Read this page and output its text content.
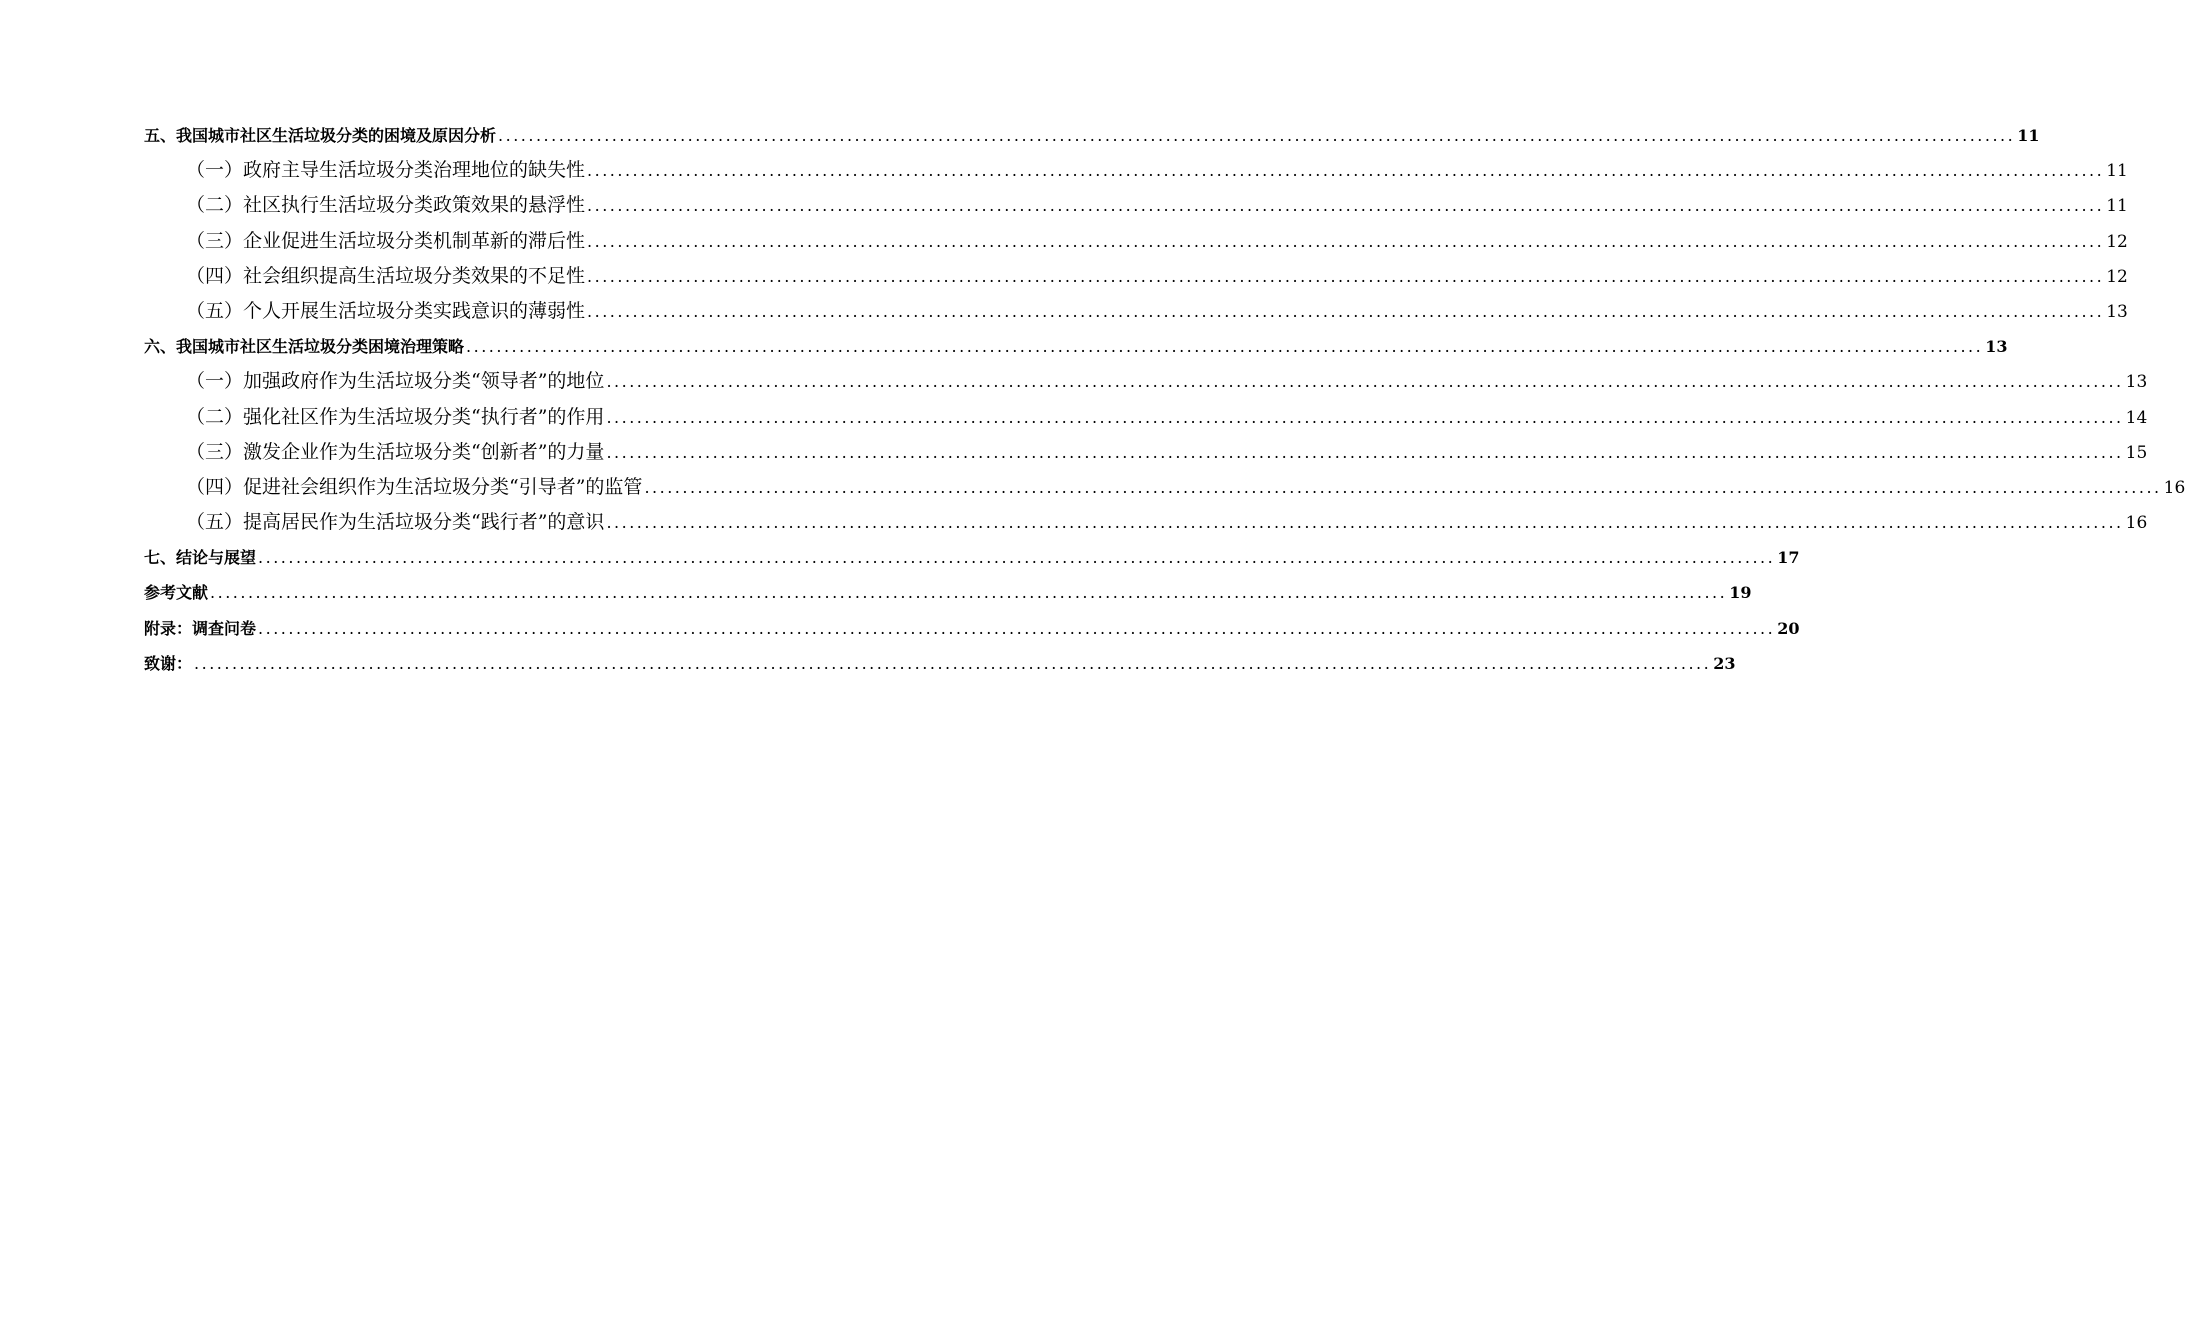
五、我国城市社区生活垃圾分类的困境及原因分析 ........................................................................................................................................................................................................ 11
（一）政府主导生活垃圾分类治理地位的缺失性 ........................................................................................................................................................................................................ 11
（二）社区执行生活垃圾分类政策效果的悬浮性 ........................................................................................................................................................................................................ 11
（三）企业促进生活垃圾分类机制革新的滞后性 ........................................................................................................................................................................................................ 12
（四）社会组织提高生活垃圾分类效果的不足性 ........................................................................................................................................................................................................ 12
（五）个人开展生活垃圾分类实践意识的薄弱性 ........................................................................................................................................................................................................ 13
六、我国城市社区生活垃圾分类困境治理策略 ........................................................................................................................................................................................................ 13
（一）加强政府作为生活垃圾分类“领导者”的地位 ........................................................................................................................................................................................................ 13
（二）强化社区作为生活垃圾分类“执行者”的作用 ........................................................................................................................................................................................................ 14
（三）激发企业作为生活垃圾分类“创新者”的力量 ........................................................................................................................................................................................................ 15
（四）促进社会组织作为生活垃圾分类“引导者”的监管 ........................................................................................................................................................................................................ 16
（五）提高居民作为生活垃圾分类“践行者”的意识 ........................................................................................................................................................................................................ 16
七、结论与展望 ........................................................................................................................................................................................................ 17
参考文献 ........................................................................................................................................................................................................ 19
附录：调查问卷 ........................................................................................................................................................................................................ 20
致谢： ........................................................................................................................................................................................................ 23
